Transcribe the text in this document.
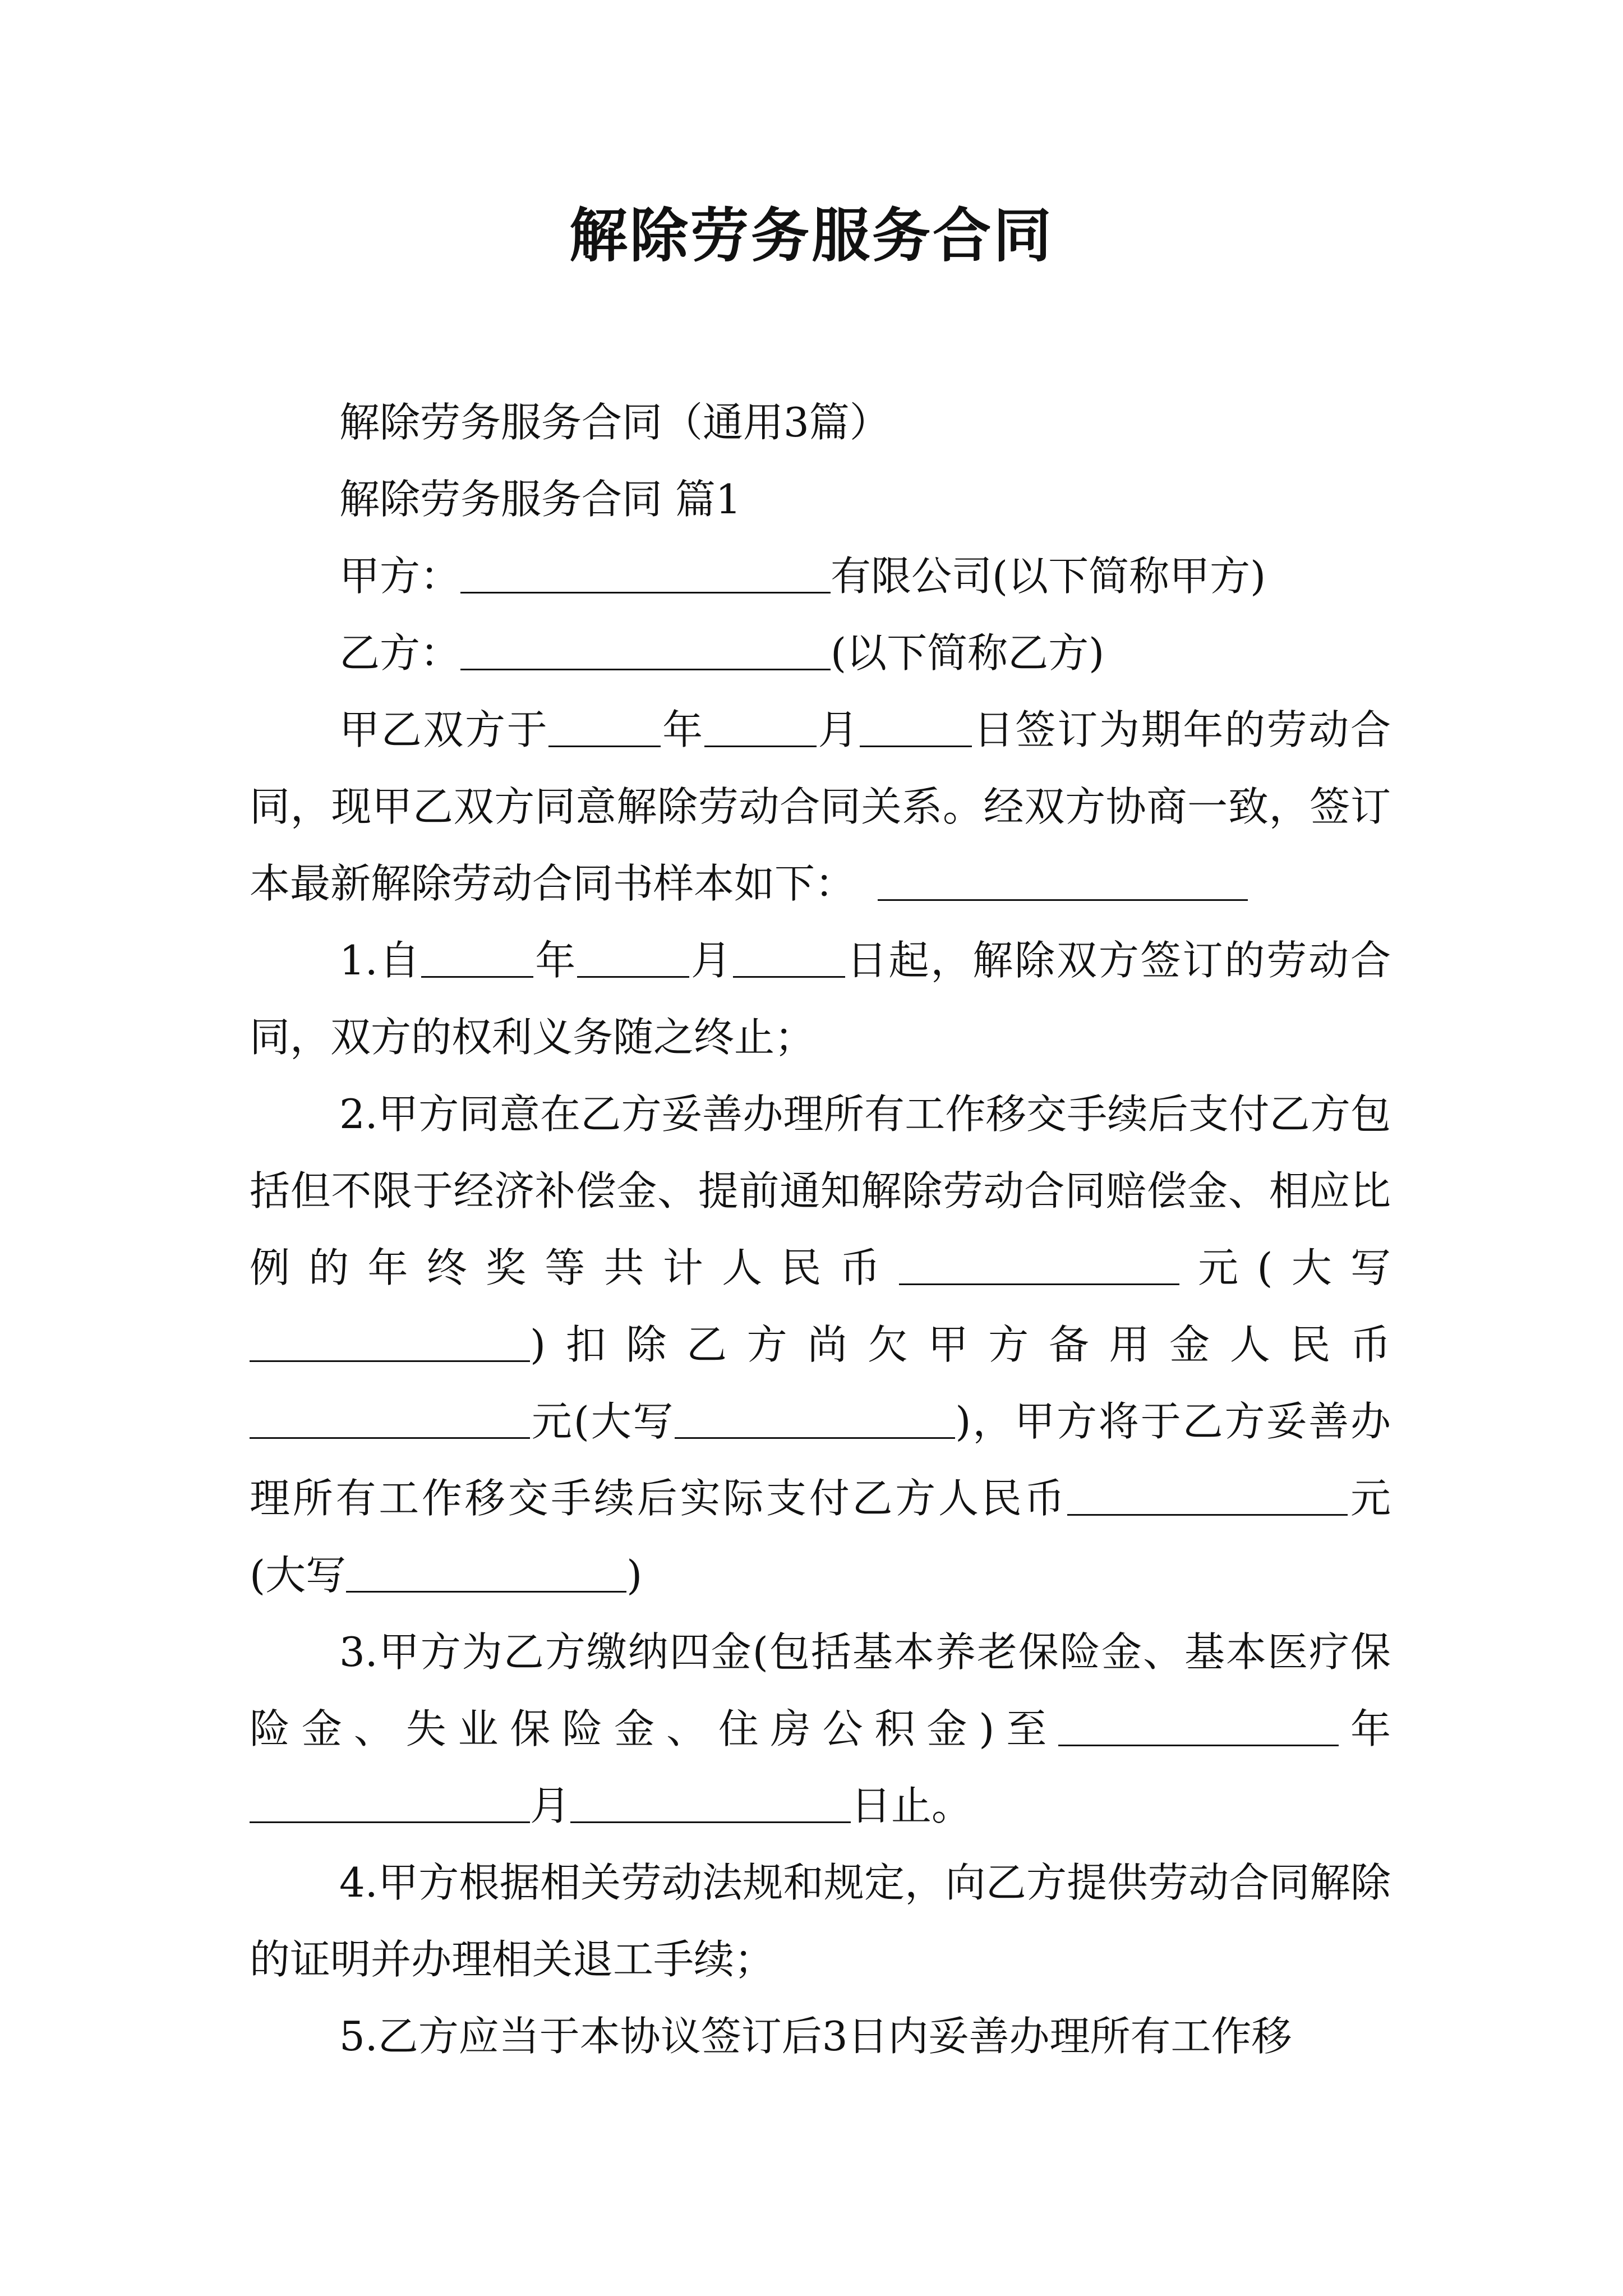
解除劳务服务合同

解除劳务服务合同（通用3篇）

解除劳务服务合同 篇1

甲方：	有限公司(以下简称甲方)

乙方：	(以下简称乙方)

甲乙双方于	年	月	日签订为期年的劳动合同，现甲乙双方同意解除劳动合同关系。经双方协商一致，签订本最新解除劳动合同书样本如下：

1.自	年	月	日起，解除双方签订的劳动合同，双方的权利义务随之终止；

2.甲方同意在乙方妥善办理所有工作移交手续后支付乙方包括但不限于经济补偿金、提前通知解除劳动合同赔偿金、相应比例的年终奖等共计人民币	元(大写)扣除乙方尚欠甲方备用金人民币元(大写	)，甲方将于乙方妥善办理所有工作移交手续后实际支付乙方人民币	元(大写	)

3.甲方为乙方缴纳四金(包括基本养老保险金、基本医疗保险金、失业保险金、住房公积金)至	年月	日止。

4.甲方根据相关劳动法规和规定，向乙方提供劳动合同解除的证明并办理相关退工手续；

5.乙方应当于本协议签订后3日内妥善办理所有工作移
